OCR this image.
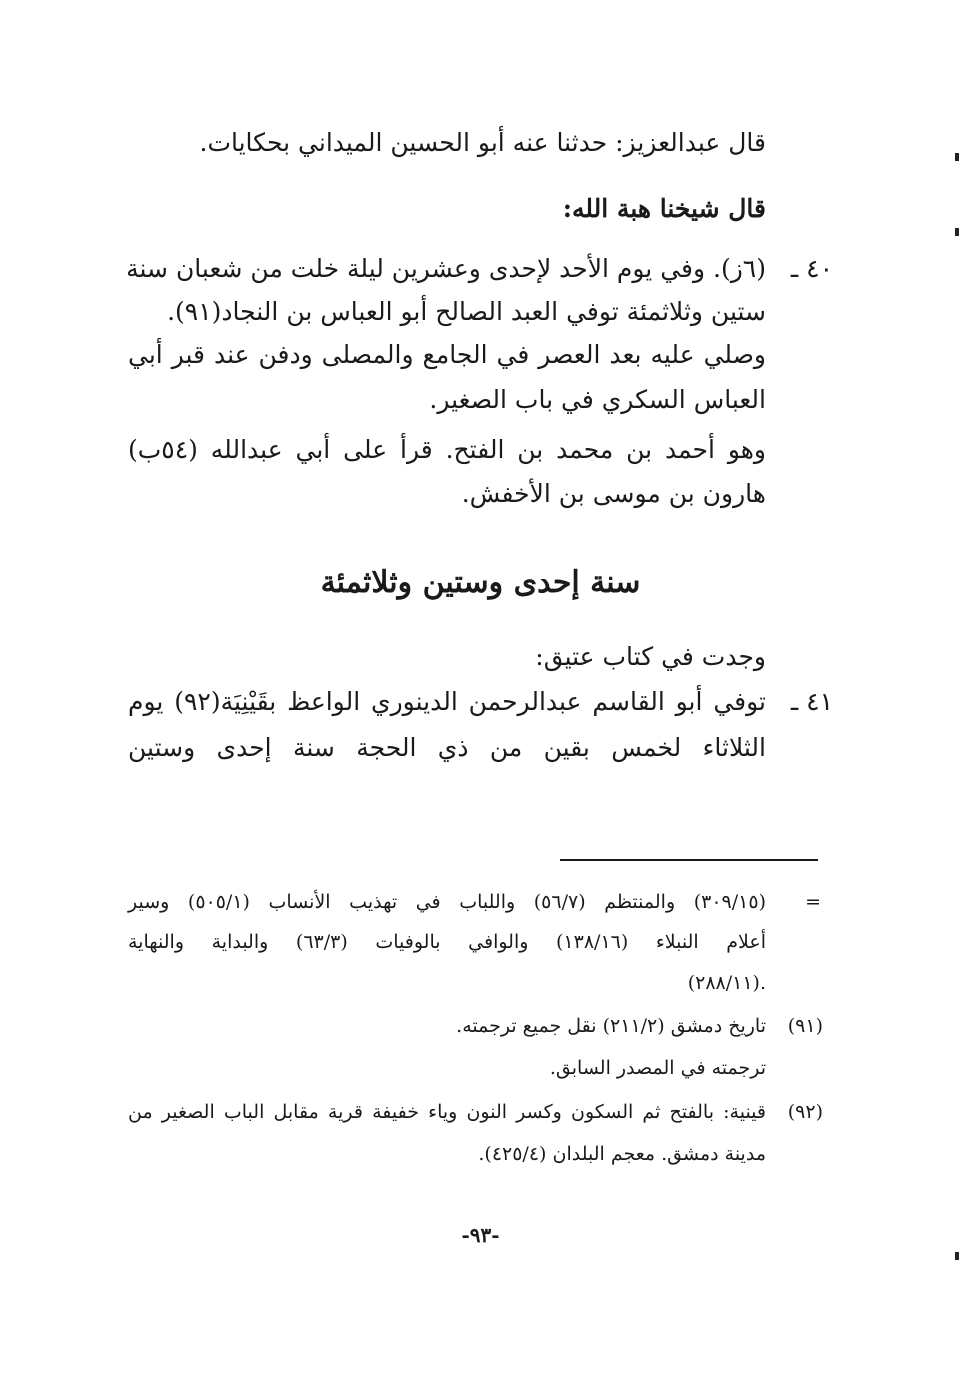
قال عبدالعزيز: حدثنا عنه أبو الحسين الميداني بحكايات.
قال شيخنا هبة الله:
٤٠ ـ
(٦ز). وفي يوم الأحد لإحدى وعشرين ليلة خلت من شعبان سنة
ستين وثلاثمئة توفي العبد الصالح أبو العباس بن النجاد(٩١).
وصلي عليه بعد العصر في الجامع والمصلى ودفن عند قبر أبي
العباس السكري في باب الصغير.
وهو أحمد بن محمد بن الفتح. قرأ على أبي عبدالله (٥٤ب)
هارون بن موسى بن الأخفش.
سنة إحدى وستين وثلاثمئة
وجدت في كتاب عتيق:
٤١ ـ
توفي أبو القاسم عبدالرحمن الدينوري الواعظ بقَيْنِيَة(٩٢) يوم
الثلاثاء لخمس بقين من ذي الحجة سنة إحدى وستين
=
(٣٠٩/١٥) والمنتظم (٥٦/٧) واللباب في تهذيب الأنساب (٥٠٥/١) وسير
أعلام النبلاء (١٣٨/١٦) والوافي بالوفيات (٦٣/٣) والبداية والنهاية
(٢٨٨/١١).
(٩١)
تاريخ دمشق (٢١١/٢) نقل جميع ترجمته.
ترجمته في المصدر السابق.
(٩٢)
قينية: بالفتح ثم السكون وكسر النون وياء خفيفة قرية مقابل الباب الصغير من
مدينة دمشق. معجم البلدان (٤٢٥/٤).
-٩٣-
